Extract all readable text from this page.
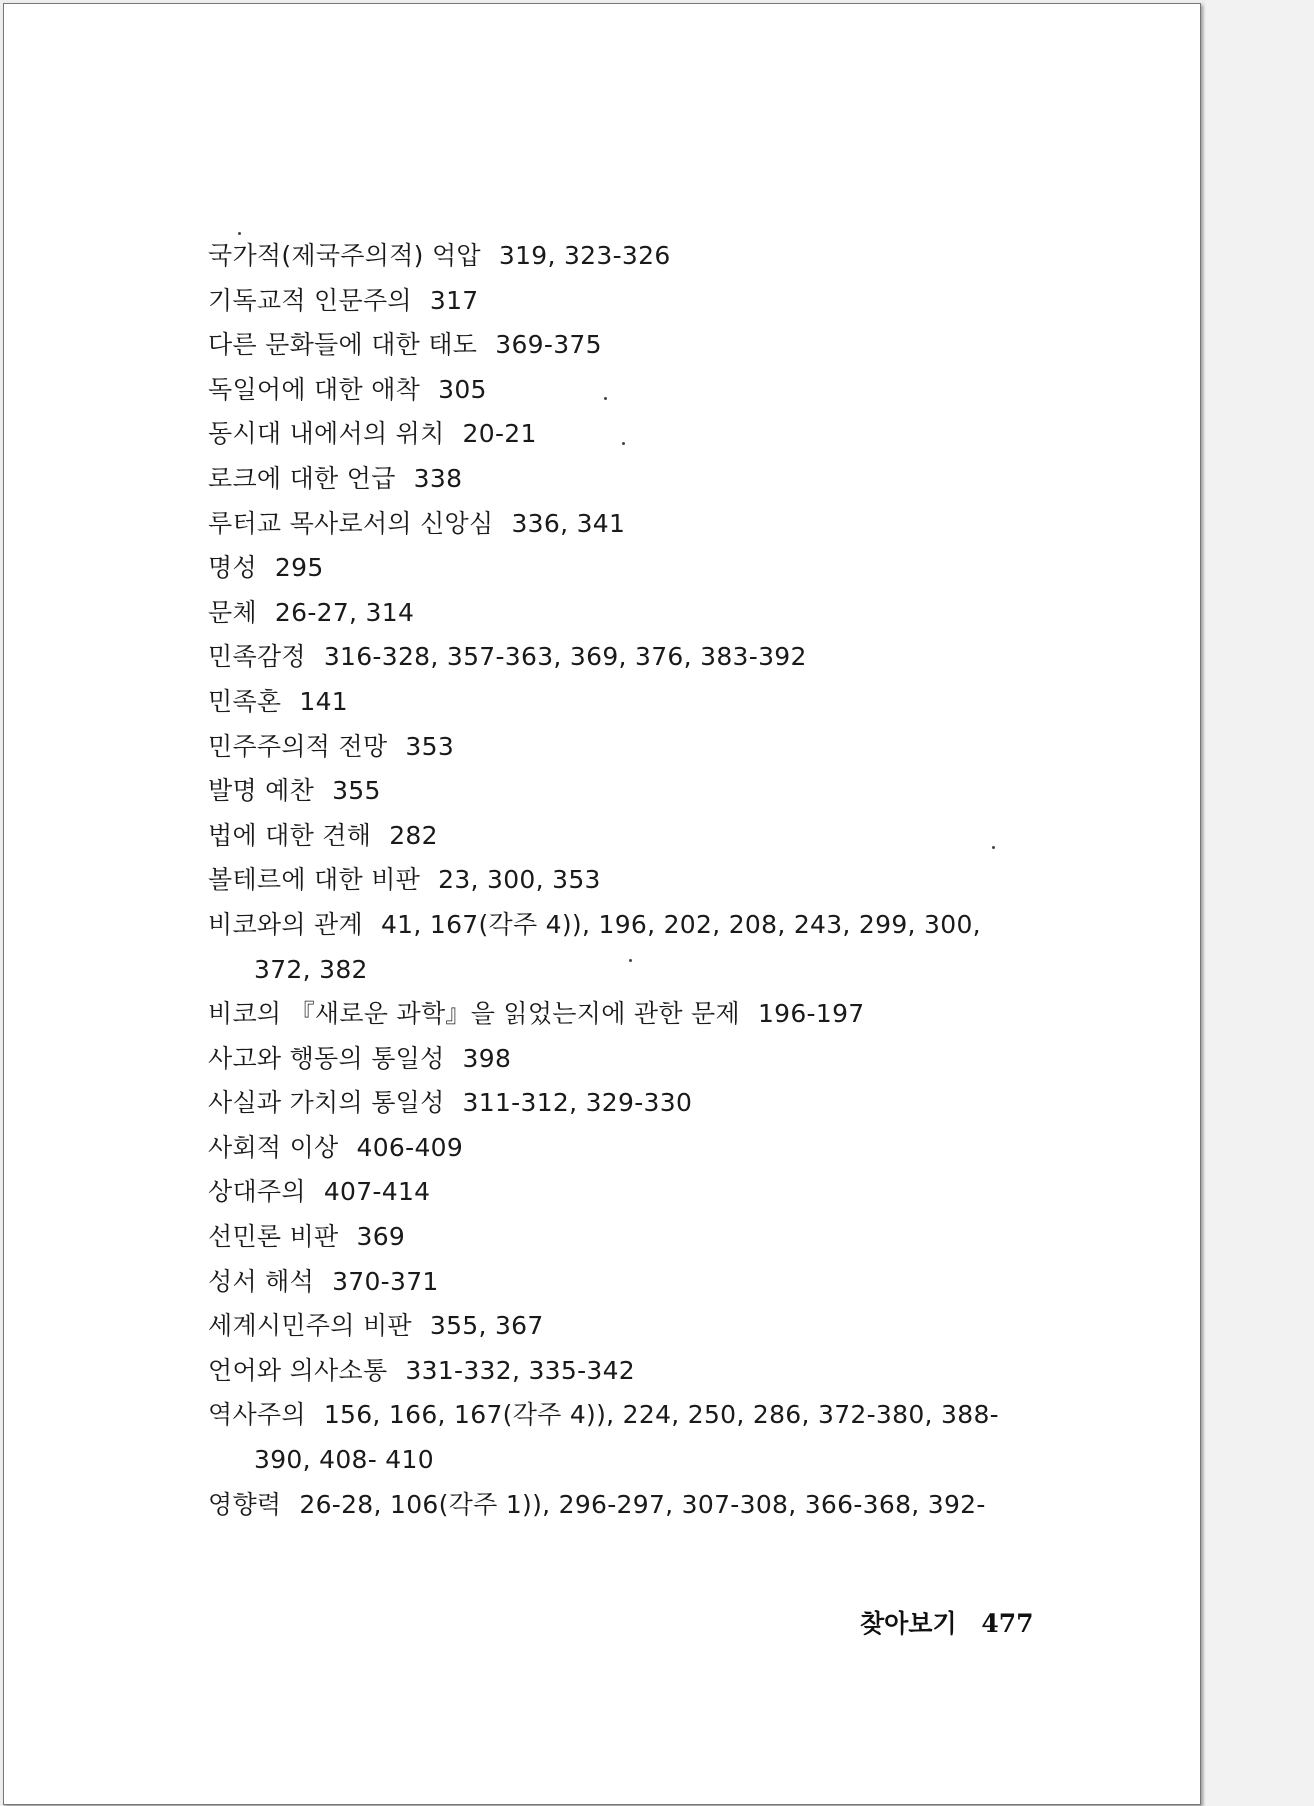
국가적(제국주의적) 억압 319, 323-326
기독교적 인문주의 317
다른 문화들에 대한 태도 369-375
독일어에 대한 애착 305
동시대 내에서의 위치 20-21
로크에 대한 언급 338
루터교 목사로서의 신앙심 336, 341
명성 295
문체 26-27, 314
민족감정 316-328, 357-363, 369, 376, 383-392
민족혼 141
민주주의적 전망 353
발명 예찬 355
법에 대한 견해 282
볼테르에 대한 비판 23, 300, 353
비코와의 관계 41, 167(각주 4)), 196, 202, 208, 243, 299, 300,
372, 382
비코의 『새로운 과학』을 읽었는지에 관한 문제 196-197
사고와 행동의 통일성 398
사실과 가치의 통일성 311-312, 329-330
사회적 이상 406-409
상대주의 407-414
선민론 비판 369
성서 해석 370-371
세계시민주의 비판 355, 367
언어와 의사소통 331-332, 335-342
역사주의 156, 166, 167(각주 4)), 224, 250, 286, 372-380, 388-
390, 408- 410
영향력 26-28, 106(각주 1)), 296-297, 307-308, 366-368, 392-
찾아보기 477
